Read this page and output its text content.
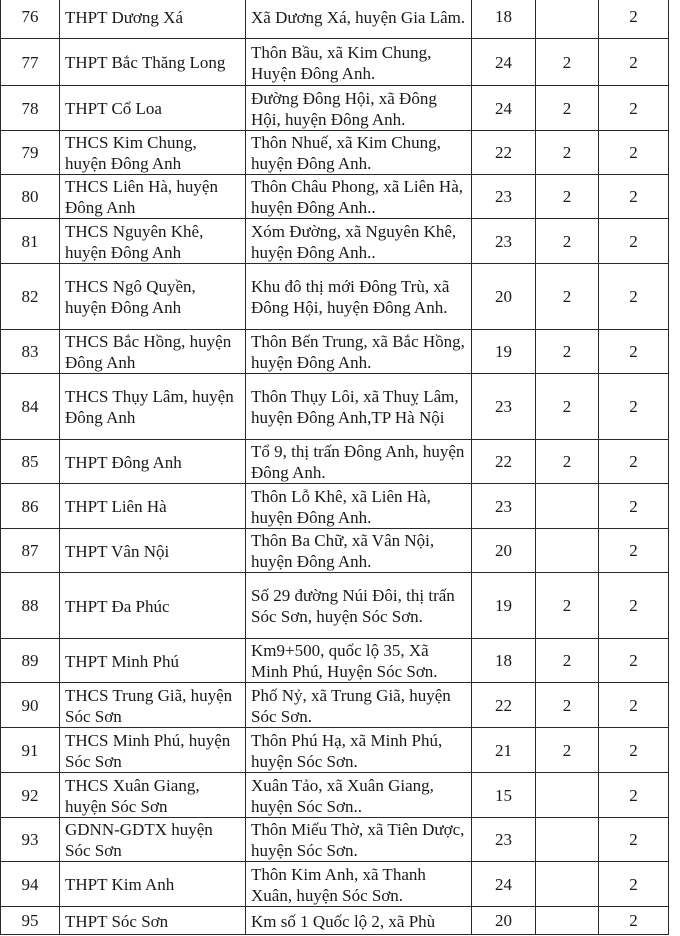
76	THPT Dương Xá	Xã Dương Xá, huyện Gia Lâm.	18		2
77	THPT Bắc Thăng Long	Thôn Bầu, xã Kim Chung, Huyện Đông Anh.	24	2	2
78	THPT Cổ Loa	Đường Đông Hội, xã Đông Hội, huyện Đông Anh.	24	2	2
79	THCS Kim Chung, huyện Đông Anh	Thôn Nhuế, xã Kim Chung, huyện Đông Anh.	22	2	2
80	THCS Liên Hà, huyện Đông Anh	Thôn Châu Phong, xã Liên Hà, huyện Đông Anh..	23	2	2
81	THCS Nguyên Khê, huyện Đông Anh	Xóm Đường, xã Nguyên Khê, huyện Đông Anh..	23	2	2
82	THCS Ngô Quyền, huyện Đông Anh	Khu đô thị mới Đông Trù, xã Đông Hội, huyện Đông Anh.	20	2	2
83	THCS Bắc Hồng, huyện Đông Anh	Thôn Bến Trung, xã Bắc Hồng, huyện Đông Anh.	19	2	2
84	THCS Thụy Lâm, huyện Đông Anh	Thôn Thụy Lôi, xã Thuỵ Lâm, huyện Đông Anh,TP Hà Nội	23	2	2
85	THPT Đông Anh	Tổ 9, thị trấn Đông Anh, huyện Đông Anh.	22	2	2
86	THPT Liên Hà	Thôn Lỗ Khê, xã Liên Hà, huyện Đông Anh.	23		2
87	THPT Vân Nội	Thôn Ba Chữ, xã Vân Nội, huyện Đông Anh.	20		2
88	THPT Đa Phúc	Số 29 đường Núi Đôi, thị trấn Sóc Sơn, huyện Sóc Sơn.	19	2	2
89	THPT Minh Phú	Km9+500, quốc lộ 35, Xã Minh Phú, Huyện Sóc Sơn.	18	2	2
90	THCS Trung Giã, huyện Sóc Sơn	Phố Nỷ, xã Trung Giã, huyện Sóc Sơn.	22	2	2
91	THCS Minh Phú, huyện Sóc Sơn	Thôn Phú Hạ, xã Minh Phú, huyện Sóc Sơn.	21	2	2
92	THCS Xuân Giang, huyện Sóc Sơn	Xuân Tảo, xã Xuân Giang, huyện Sóc Sơn..	15		2
93	GDNN-GDTX huyện Sóc Sơn	Thôn Miếu Thờ, xã Tiên Dược, huyện Sóc Sơn.	23		2
94	THPT Kim Anh	Thôn Kim Anh, xã Thanh Xuân, huyện Sóc Sơn.	24		2
95	THPT Sóc Sơn	Km số 1 Quốc lộ 2, xã Phù	20		2
